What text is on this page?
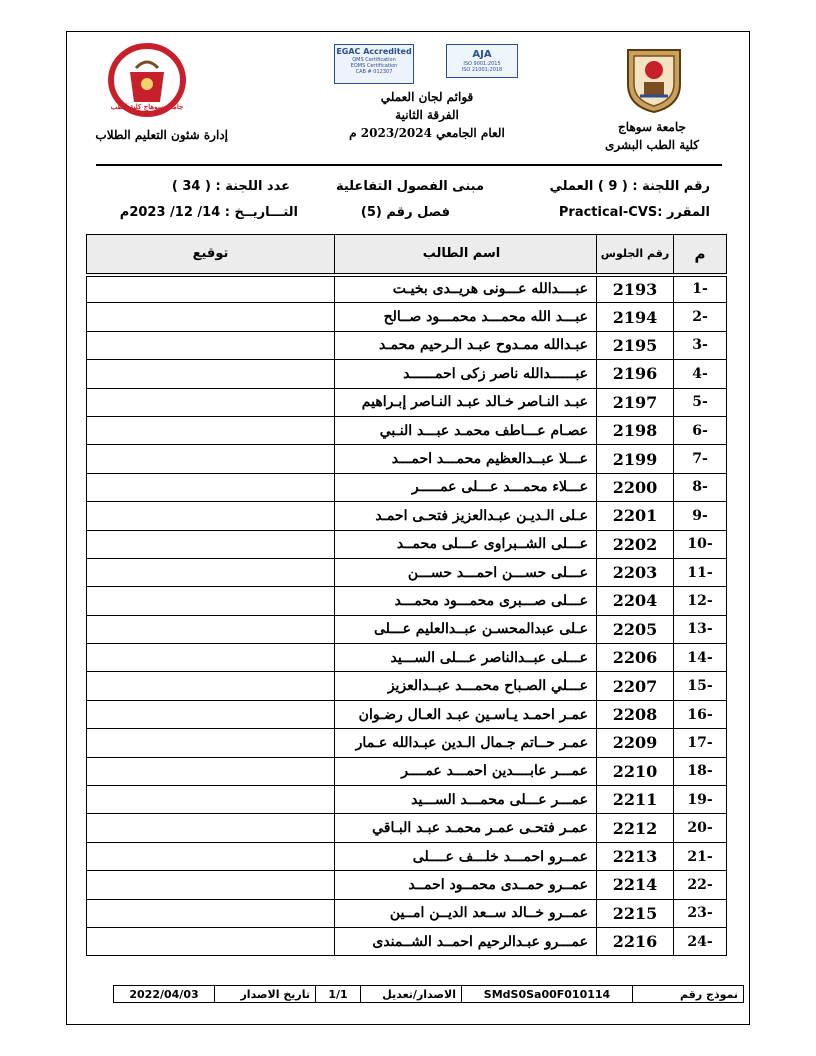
EGAC Accredited
QMS Certification
EOMS Certification
CAB # 012307
AJA
ISO 9001:2015
ISO 21001:2018
جامعة سوهاج كلية الطب
جامعة سوهاج
كلية الطب البشرى
قوائم لجان العملي
الفرقة الثانية
العام الجامعي 2023/2024 م
إدارة شئون التعليم الطلاب
رقم اللجنة : ( 9 ) العملي
مبنى الفصول التفاعلية
عدد اللجنة : ( 34 )
المقرر :Practical-CVS
فصل رقم (5)
التـــاريــخ : 14/ 12/ 2023م
م	رقم الجلوس	اسم الطالب	توقيع
1-	2193	عبــــدالله عـــونى هريــدى بخيـت	
2-	2194	عبـــد الله محمـــد محمـــود صــالح	
3-	2195	عبـدالله ممـدوح عبـد الـرحيم محمـد	
4-	2196	عبــــــدالله ناصر زكى احمــــــد	
5-	2197	عبـد النـاصر خـالد عبـد النـاصر إبـراهيم	
6-	2198	عصـام عـــاطف محمـد عبـــد النـبي	
7-	2199	عـــلا عبــدالعظيم محمـــد احمـــد	
8-	2200	عـــلاء محمـــد عـــلى عمـــــر	
9-	2201	عـلى الـديـن عبـدالعزيز فتحـى احمـد	
10-	2202	عـــلى الشــبراوى عـــلى محمــد	
11-	2203	عـــلى حســـن احمـــد حســـن	
12-	2204	عـــلى صـــبرى محمـــود محمـــد	
13-	2205	عـلى عبدالمحسـن عبــدالعليم عـــلى	
14-	2206	عـــلى عبــدالناصر عـــلى الســـيد	
15-	2207	عـــلي الصـباح محمـــد عبــدالعزيز	
16-	2208	عمـر احمـد يـاسـين عبـد العـال رضـوان	
17-	2209	عمـر حــاتم جـمال الـدين عبـدالله عـمار	
18-	2210	عمـــر عابــــدين احمـــد عمــــر	
19-	2211	عمـــر عـــلى محمـــد الســـيد	
20-	2212	عمـر فتحـى عمـر محمـد عبـد البـاقي	
21-	2213	عمــرو احمـــد خلـــف عــــلى	
22-	2214	عمــرو حمــدى محمــود احمــد	
23-	2215	عمــرو خــالد ســعد الديــن امــين	
24-	2216	عمـــرو عبـدالرحيم احمــد الشــمندى	
نموذج رقم	SMdS0Sa00F010114	الاصدار/تعديل	1/1	تاريخ الاصدار	2022/04/03
